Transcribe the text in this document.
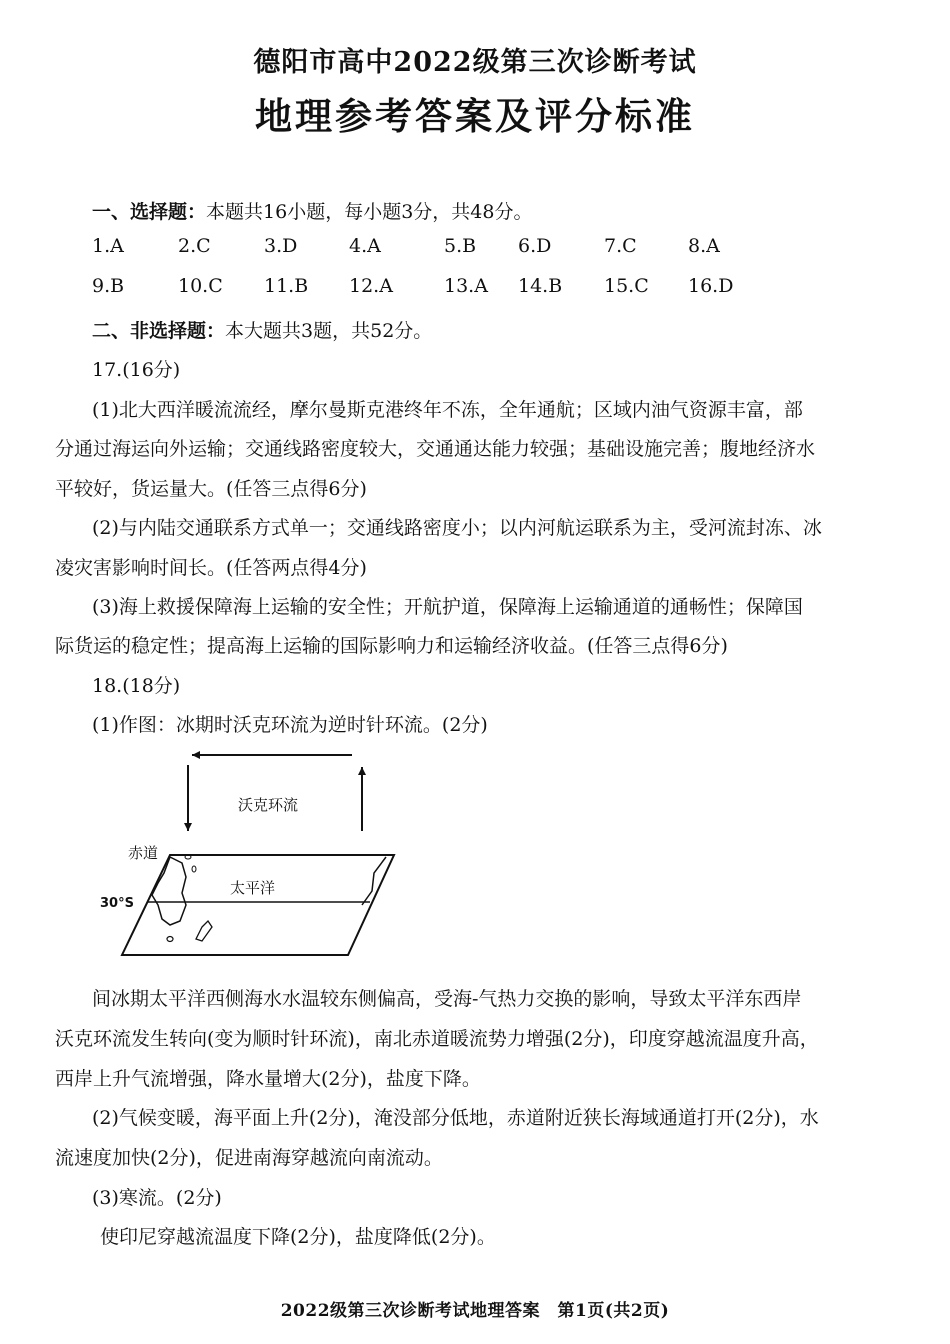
德阳市高中2022级第三次诊断考试
地理参考答案及评分标准
一、选择题：本题共16小题，每小题3分，共48分。
1.A	2.C	3.D	4.A	5.B 6.D	7.C	8.A
9.B	10.C 11.B 12.A	13.A 14.B 15.C 16.D
二、非选择题：本大题共3题，共52分。
17.(16分)
(1)北大西洋暖流流经，摩尔曼斯克港终年不冻，全年通航；区域内油气资源丰富，部
分通过海运向外运输；交通线路密度较大，交通通达能力较强；基础设施完善；腹地经济水
平较好，货运量大。(任答三点得6分)
(2)与内陆交通联系方式单一；交通线路密度小；以内河航运联系为主，受河流封冻、冰
凌灾害影响时间长。(任答两点得4分)
(3)海上救援保障海上运输的安全性；开航护道，保障海上运输通道的通畅性；保障国
际货运的稳定性；提高海上运输的国际影响力和运输经济收益。(任答三点得6分)
18.(18分)
(1)作图：冰期时沃克环流为逆时针环流。(2分)
沃克环流
赤道
太平洋
30°S
间冰期太平洋西侧海水水温较东侧偏高，受海-气热力交换的影响，导致太平洋东西岸
沃克环流发生转向(变为顺时针环流)，南北赤道暖流势力增强(2分)，印度穿越流温度升高，
西岸上升气流增强，降水量增大(2分)，盐度下降。
(2)气候变暖，海平面上升(2分)，淹没部分低地，赤道附近狭长海域通道打开(2分)，水
流速度加快(2分)，促进南海穿越流向南流动。
(3)寒流。(2分)
使印尼穿越流温度下降(2分)，盐度降低(2分)。
2022级第三次诊断考试地理答案　第1页(共2页)
